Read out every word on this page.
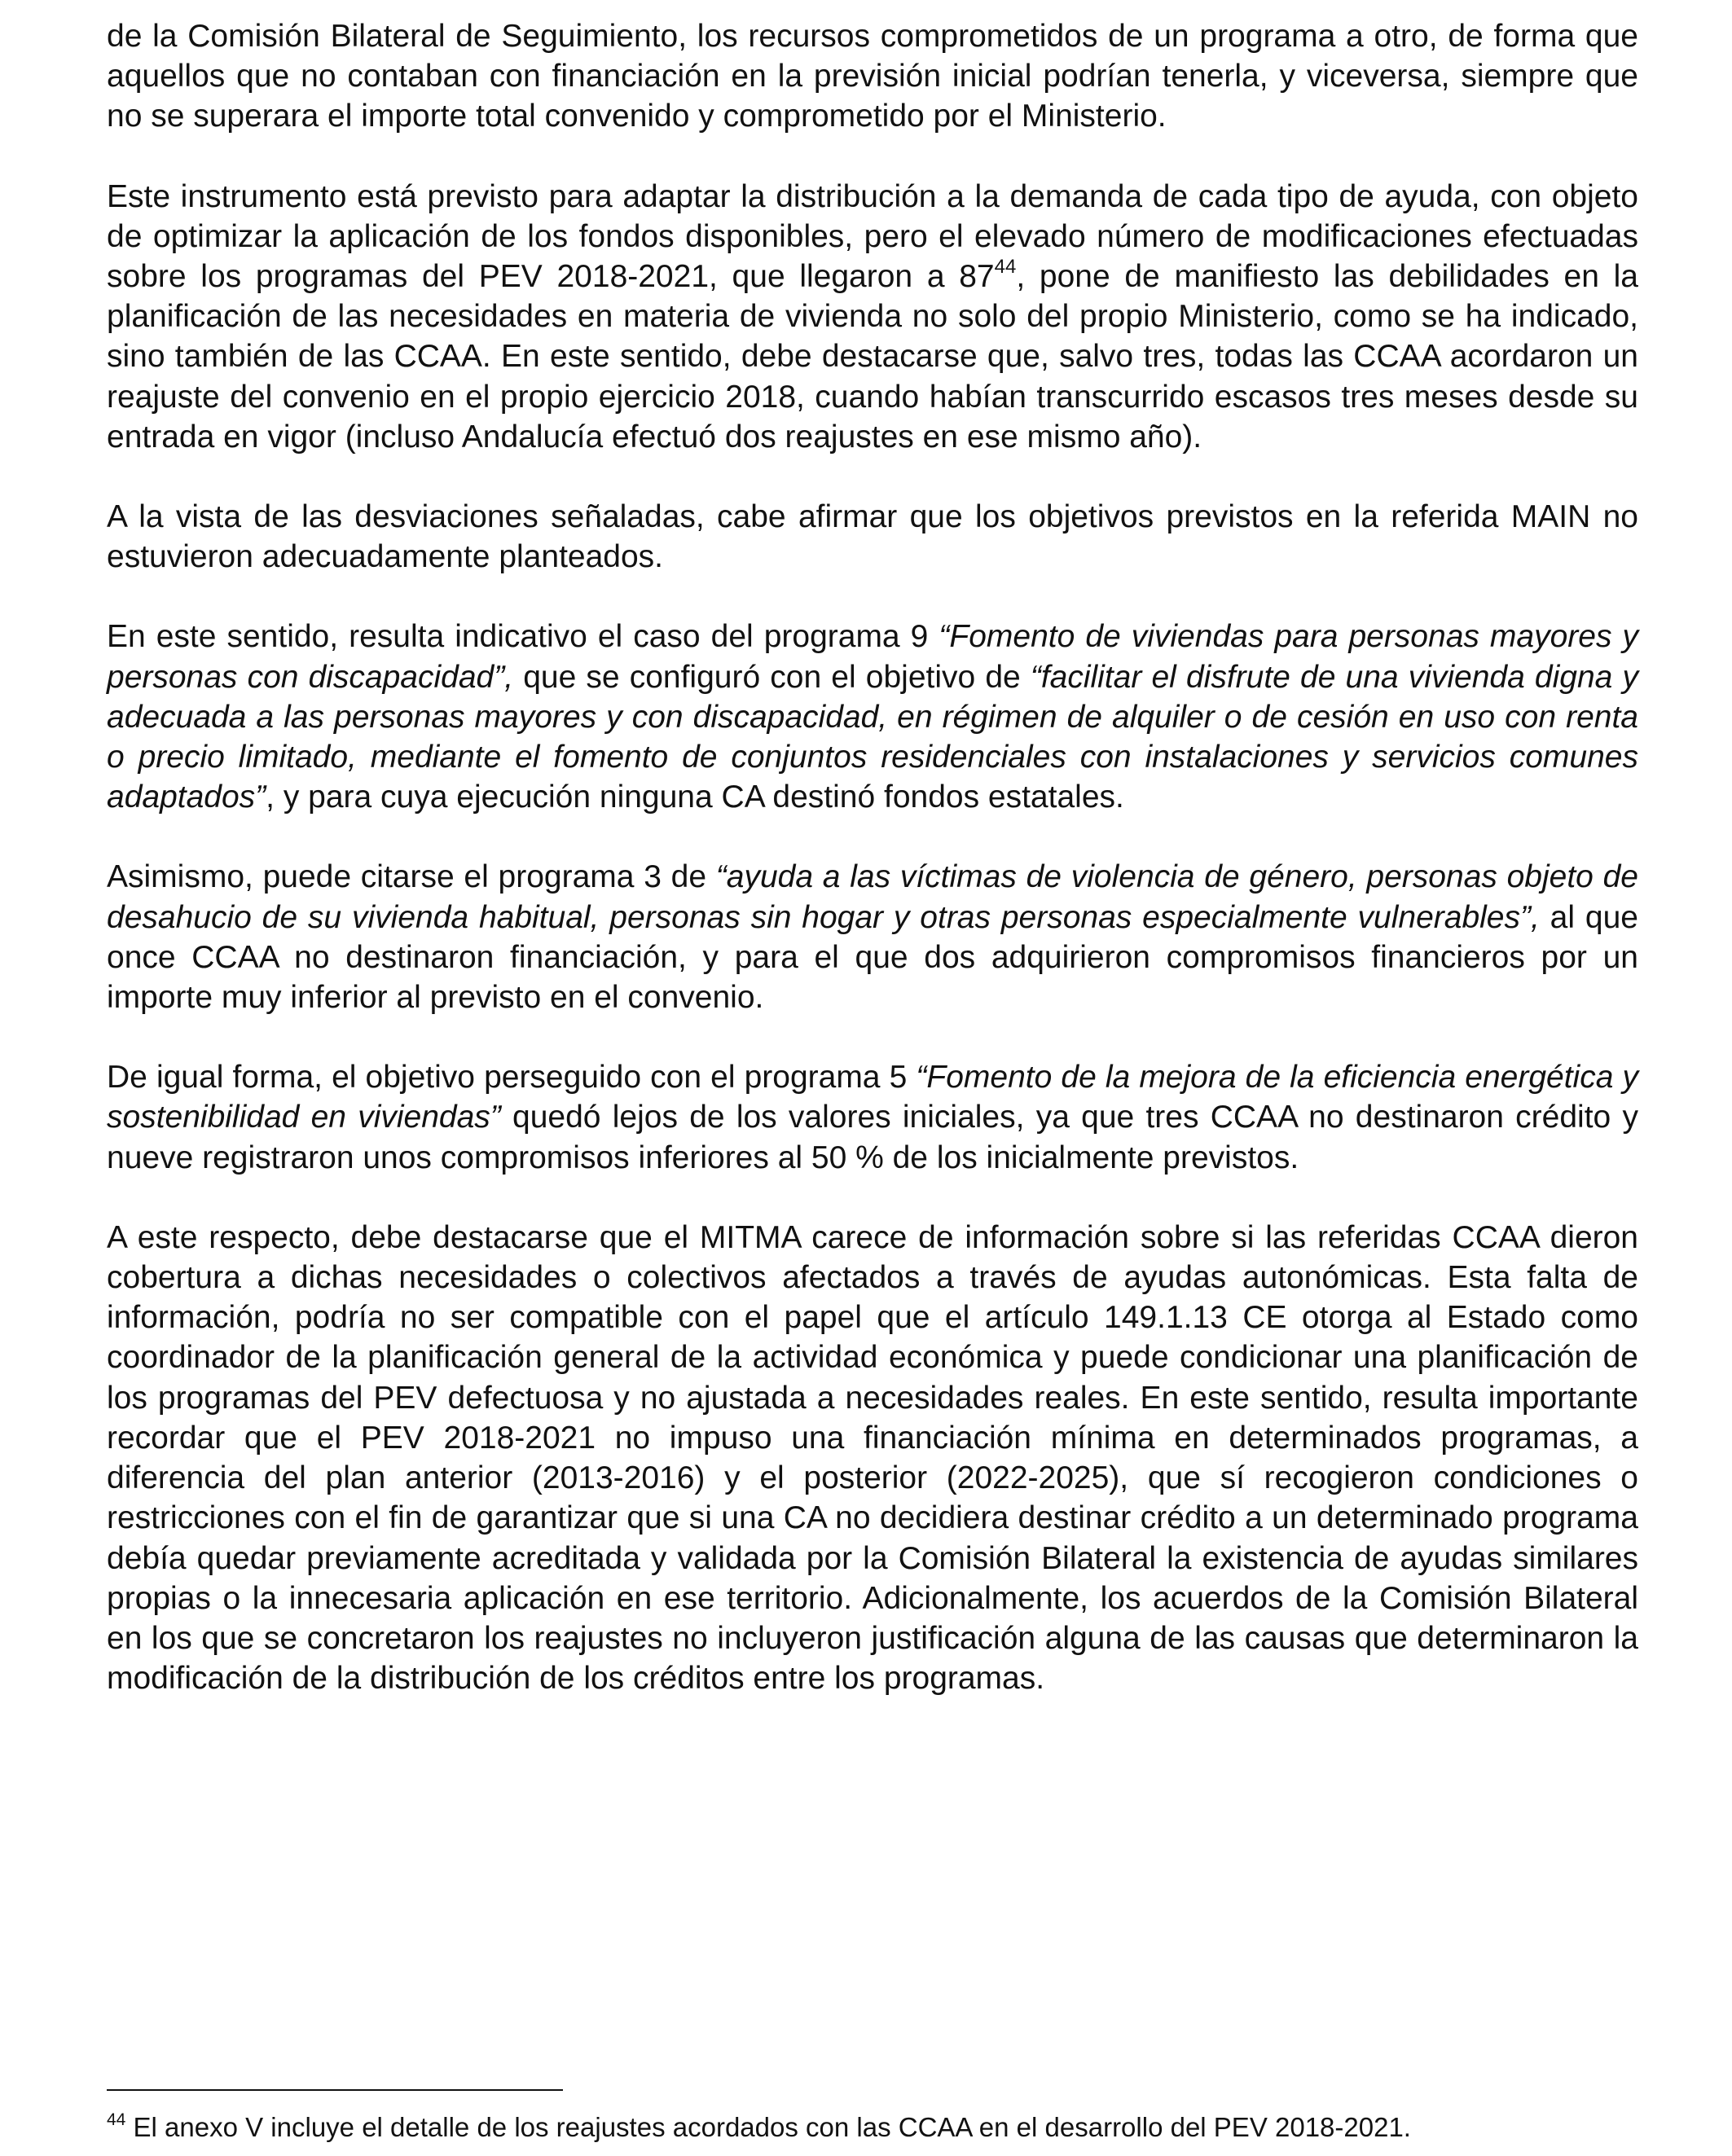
de la Comisión Bilateral de Seguimiento, los recursos comprometidos de un programa a otro, de forma que aquellos que no contaban con financiación en la previsión inicial podrían tenerla, y viceversa, siempre que no se superara el importe total convenido y comprometido por el Ministerio.

Este instrumento está previsto para adaptar la distribución a la demanda de cada tipo de ayuda, con objeto de optimizar la aplicación de los fondos disponibles, pero el elevado número de modificaciones efectuadas sobre los programas del PEV 2018-2021, que llegaron a $87^{44}$, pone de manifiesto las debilidades en la planificación de las necesidades en materia de vivienda no solo del propio Ministerio, como se ha indicado, sino también de las CCAA. En este sentido, debe destacarse que, salvo tres, todas las CCAA acordaron un reajuste del convenio en el propio ejercicio 2018, cuando habían transcurrido escasos tres meses desde su entrada en vigor (incluso Andalucía efectuó dos reajustes en ese mismo año).

A la vista de las desviaciones señaladas, cabe afirmar que los objetivos previstos en la referida MAIN no estuvieron adecuadamente planteados.

En este sentido, resulta indicativo el caso del programa 9 “Fomento de viviendas para personas mayores y personas con discapacidad”, que se configuró con el objetivo de “facilitar el disfrute de una vivienda digna y adecuada a las personas mayores y con discapacidad, en régimen de alquiler o de cesión en uso con renta o precio limitado, mediante el fomento de conjuntos residenciales con instalaciones y servicios comunes adaptados”, y para cuya ejecución ninguna CA destinó fondos estatales.

Asimismo, puede citarse el programa 3 de “ayuda a las víctimas de violencia de género, personas objeto de desahucio de su vivienda habitual, personas sin hogar y otras personas especialmente vulnerables”, al que once CCAA no destinaron financiación, y para el que dos adquirieron compromisos financieros por un importe muy inferior al previsto en el convenio.

De igual forma, el objetivo perseguido con el programa 5 “Fomento de la mejora de la eficiencia energética y sostenibilidad en viviendas” quedó lejos de los valores iniciales, ya que tres CCAA no destinaron crédito y nueve registraron unos compromisos inferiores al 50 % de los inicialmente previstos.

A este respecto, debe destacarse que el MITMA carece de información sobre si las referidas CCAA dieron cobertura a dichas necesidades o colectivos afectados a través de ayudas autonómicas. Esta falta de información, podría no ser compatible con el papel que el artículo 149.1.13 CE otorga al Estado como coordinador de la planificación general de la actividad económica y puede condicionar una planificación de los programas del PEV defectuosa y no ajustada a necesidades reales. En este sentido, resulta importante recordar que el PEV 2018-2021 no impuso una financiación mínima en determinados programas, a diferencia del plan anterior (2013-2016) y el posterior (2022-2025), que sí recogieron condiciones o restricciones con el fin de garantizar que si una CA no decidiera destinar crédito a un determinado programa debía quedar previamente acreditada y validada por la Comisión Bilateral la existencia de ayudas similares propias o la innecesaria aplicación en ese territorio. Adicionalmente, los acuerdos de la Comisión Bilateral en los que se concretaron los reajustes no incluyeron justificación alguna de las causas que determinaron la modificación de la distribución de los créditos entre los programas.

$^{44}$ El anexo V incluye el detalle de los reajustes acordados con las CCAA en el desarrollo del PEV 2018-2021.
